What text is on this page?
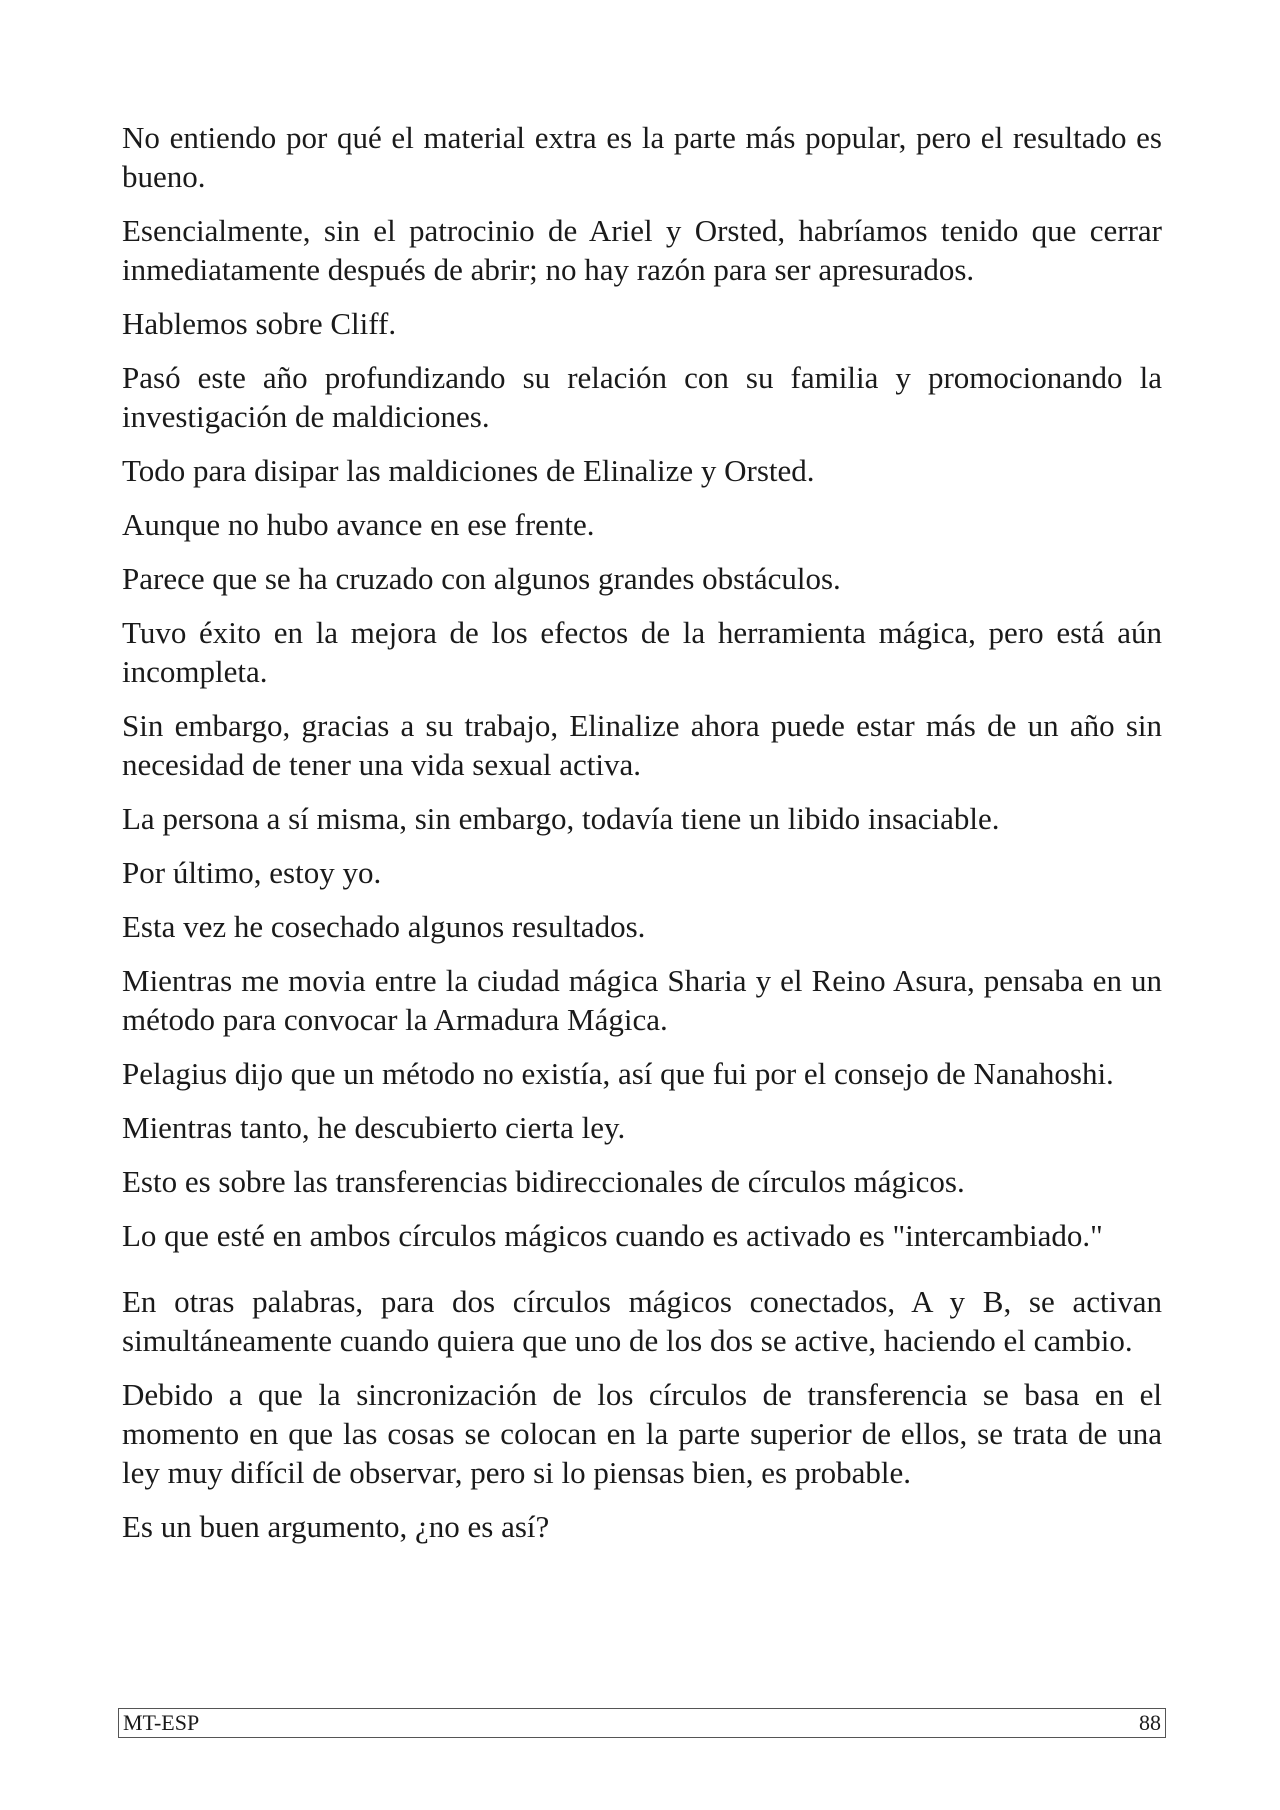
No entiendo por qué el material extra es la parte más popular, pero el resultado es bueno.

Esencialmente, sin el patrocinio de Ariel y Orsted, habríamos tenido que cerrar inmediatamente después de abrir; no hay razón para ser apresurados.

Hablemos sobre Cliff.

Pasó este año profundizando su relación con su familia y promocionando la investigación de maldiciones.

Todo para disipar las maldiciones de Elinalize y Orsted.

Aunque no hubo avance en ese frente.

Parece que se ha cruzado con algunos grandes obstáculos.

Tuvo éxito en la mejora de los efectos de la herramienta mágica, pero está aún incompleta.

Sin embargo, gracias a su trabajo, Elinalize ahora puede estar más de un año sin necesidad de tener una vida sexual activa.

La persona a sí misma, sin embargo, todavía tiene un libido insaciable.

Por último, estoy yo.

Esta vez he cosechado algunos resultados.

Mientras me movia entre la ciudad mágica Sharia y el Reino Asura, pensaba en un método para convocar la Armadura Mágica.

Pelagius dijo que un método no existía, así que fui por el consejo de Nanahoshi.

Mientras tanto, he descubierto cierta ley.

Esto es sobre las transferencias bidireccionales de círculos mágicos.

Lo que esté en ambos círculos mágicos cuando es activado es "intercambiado."

En otras palabras, para dos círculos mágicos conectados, A y B, se activan simultáneamente cuando quiera que uno de los dos se active, haciendo el cambio.

Debido a que la sincronización de los círculos de transferencia se basa en el momento en que las cosas se colocan en la parte superior de ellos, se trata de una ley muy difícil de observar, pero si lo piensas bien, es probable.

Es un buen argumento, ¿no es así?

MT-ESP	88
